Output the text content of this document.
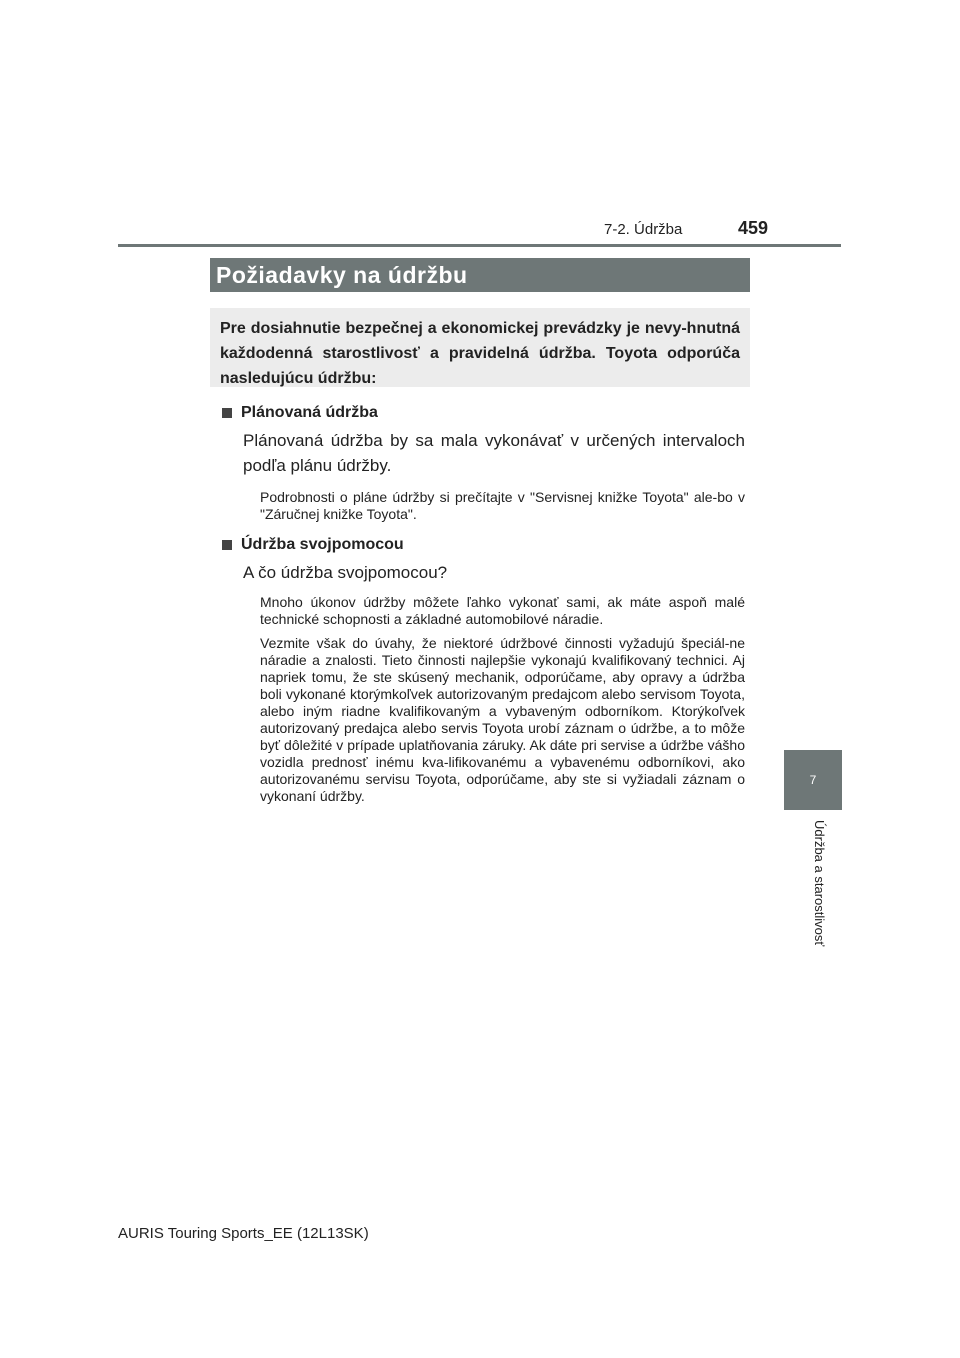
7-2. Údržba	459
7
Údržba a starostlivosť
Požiadavky na údržbu
Pre dosiahnutie bezpečnej a ekonomickej prevádzky je nevy-hnutná každodenná starostlivosť a pravidelná údržba. Toyota odporúča nasledujúcu údržbu:
Plánovaná údržba
Plánovaná údržba by sa mala vykonávať v určených intervaloch podľa plánu údržby.
Podrobnosti o pláne údržby si prečítajte v "Servisnej knižke Toyota" ale-bo v "Záručnej knižke Toyota".
Údržba svojpomocou
A čo údržba svojpomocou?
Mnoho úkonov údržby môžete ľahko vykonať sami, ak máte aspoň malé technické schopnosti a základné automobilové náradie.
Vezmite však do úvahy, že niektoré údržbové činnosti vyžadujú špeciál-ne náradie a znalosti. Tieto činnosti najlepšie vykonajú kvalifikovaný technici. Aj napriek tomu, že ste skúsený mechanik, odporúčame, aby opravy a údržba boli vykonané ktorýmkoľvek autorizovaným predajcom alebo servisom Toyota, alebo iným riadne kvalifikovaným a vybaveným odborníkom. Ktorýkoľvek autorizovaný predajca alebo servis Toyota urobí záznam o údržbe, a to môže byť dôležité v prípade uplatňovania záruky. Ak dáte pri servise a údržbe vášho vozidla prednosť inému kva-lifikovanému a vybavenému odborníkovi, ako autorizovanému servisu Toyota, odporúčame, aby ste si vyžiadali záznam o vykonaní údržby.
AURIS Touring Sports_EE (12L13SK)
